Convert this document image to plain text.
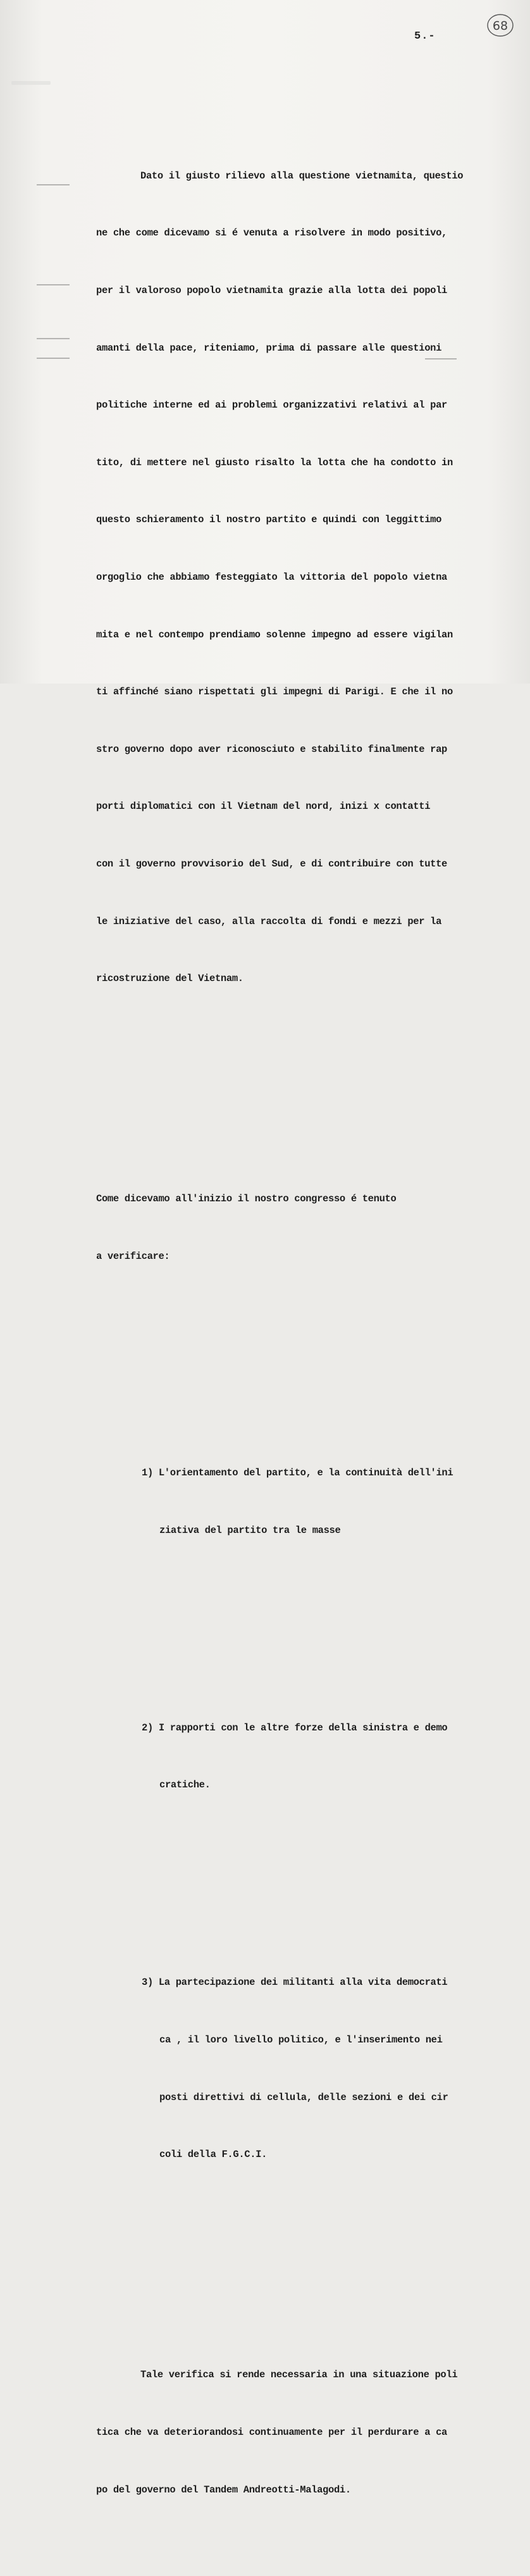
5.-
68

Dato il giusto rilievo alla questione vietnamita, questio

ne che come dicevamo si é venuta a risolvere in modo positivo,

per il valoroso popolo vietnamita grazie alla lotta dei popoli

amanti della pace, riteniamo, prima di passare alle questioni

politiche interne ed ai problemi organizzativi relativi al par

tito, di mettere nel giusto risalto la lotta che ha condotto in

questo schieramento il nostro partito e quindi con leggittimo

orgoglio che abbiamo festeggiato la vittoria del popolo vietna

mita e nel contempo prendiamo solenne impegno ad essere vigilan

ti affinché siano rispettati gli impegni di Parigi. E che il no

stro governo dopo aver riconosciuto e stabilito finalmente rap

porti diplomatici con il Vietnam del nord, inizi x contatti

con il governo provvisorio del Sud, e di contribuire con tutte

le iniziative del caso, alla raccolta di fondi e mezzi per la

ricostruzione del Vietnam.

Come dicevamo all'inizio il nostro congresso é tenuto

a verificare:

1) L'orientamento del partito, e la continuità dell'ini

ziativa del partito tra le masse

2) I rapporti con le altre forze della sinistra e demo

cratiche.

3) La partecipazione dei militanti alla vita democrati

ca , il loro livello politico, e l'inserimento nei

posti direttivi di cellula, delle sezioni e dei cir

coli della F.G.C.I.

Tale verifica si rende necessaria in una situazione poli

tica che va deteriorandosi continuamente per il perdurare a ca

po del governo del Tandem Andreotti-Malagodi.
